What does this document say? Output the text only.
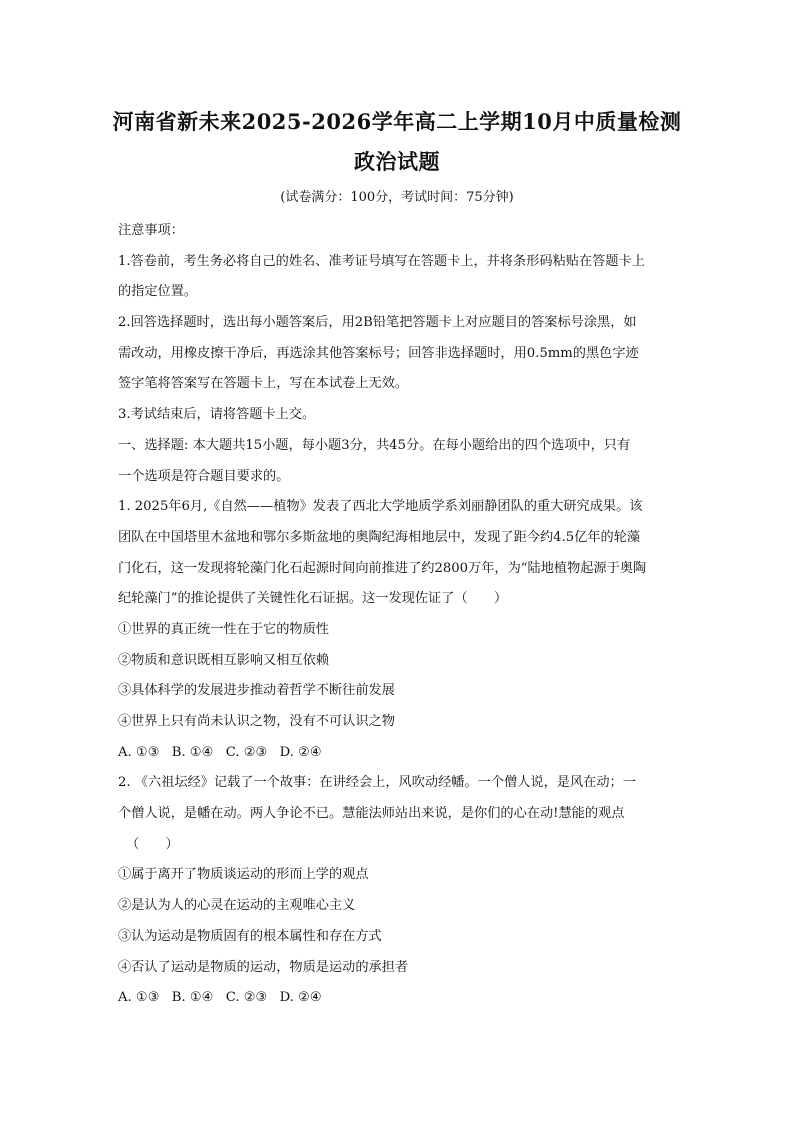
河南省新未来2025-2026学年高二上学期10月中质量检测
政治试题
(试卷满分：100分，考试时间：75分钟)
注意事项：
1.答卷前，考生务必将自己的姓名、准考证号填写在答题卡上，并将条形码粘贴在答题卡上
的指定位置。
2.回答选择题时，选出每小题答案后，用2B铅笔把答题卡上对应题目的答案标号涂黑，如
需改动，用橡皮擦干净后，再选涂其他答案标号；回答非选择题时，用0.5mm的黑色字迹
签字笔将答案写在答题卡上，写在本试卷上无效。
3.考试结束后，请将答题卡上交。
一、选择题: 本大题共15小题，每小题3分，共45分。在每小题给出的四个选项中，只有
一个选项是符合题目要求的。
1. 2025年6月,《自然——植物》发表了西北大学地质学系刘丽静团队的重大研究成果。该
团队在中国塔里木盆地和鄂尔多斯盆地的奥陶纪海相地层中，发现了距今约4.5亿年的轮藻
门化石，这一发现将轮藻门化石起源时间向前推进了约2800万年，为“陆地植物起源于奥陶
纪轮藻门”的推论提供了关键性化石证据。这一发现佐证了（　　）
①世界的真正统一性在于它的物质性
②物质和意识既相互影响又相互依赖
③具体科学的发展进步推动着哲学不断往前发展
④世界上只有尚未认识之物，没有不可认识之物
A. ①③ B. ①④ C. ②③ D. ②④
2. 《六祖坛经》记载了一个故事：在讲经会上，风吹动经幡。一个僧人说，是风在动；一
个僧人说，是幡在动。两人争论不已。慧能法师站出来说，是你们的心在动!慧能的观点
（　　）
①属于离开了物质谈运动的形而上学的观点
②是认为人的心灵在运动的主观唯心主义
③认为运动是物质固有的根本属性和存在方式
④否认了运动是物质的运动，物质是运动的承担者
A. ①③ B. ①④ C. ②③ D. ②④
